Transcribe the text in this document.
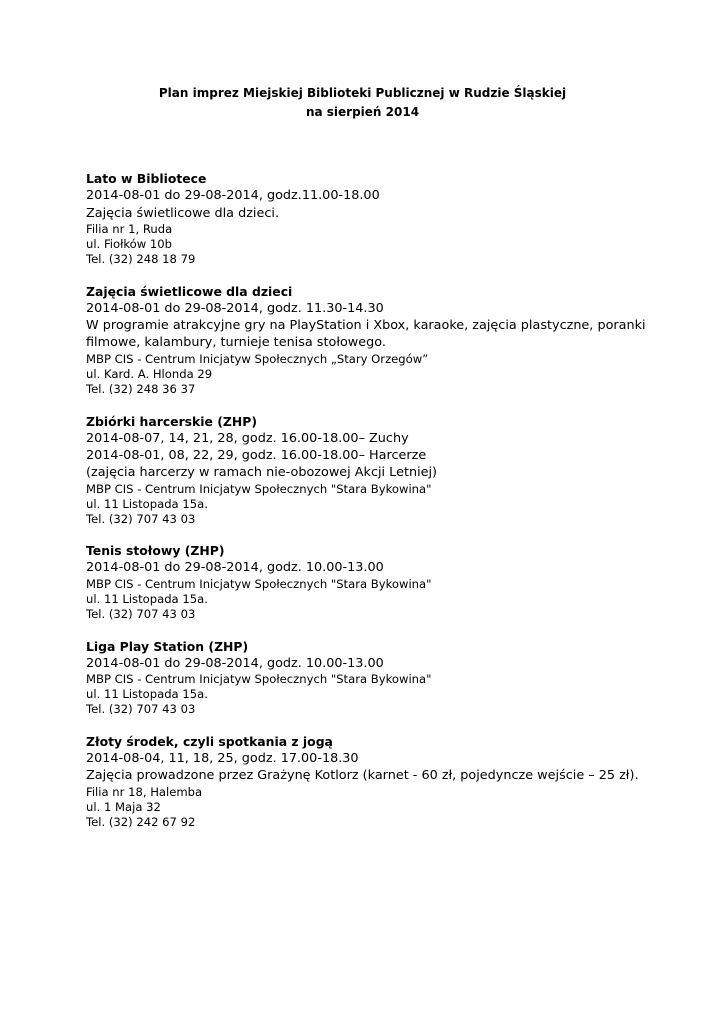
Plan imprez Miejskiej Biblioteki Publicznej w Rudzie Śląskiej
na sierpień 2014
Lato w Bibliotece
2014-08-01 do 29-08-2014, godz.11.00-18.00
Zajęcia świetlicowe dla dzieci.
Filia nr 1, Ruda
ul. Fiołków 10b
Tel. (32) 248 18 79
Zajęcia świetlicowe dla dzieci
2014-08-01 do 29-08-2014, godz. 11.30-14.30
W programie atrakcyjne gry na PlayStation i Xbox, karaoke, zajęcia plastyczne, poranki
filmowe, kalambury, turnieje tenisa stołowego.
MBP CIS - Centrum Inicjatyw Społecznych „Stary Orzegów”
ul. Kard. A. Hlonda 29
Tel. (32) 248 36 37
Zbiórki harcerskie (ZHP)
2014-08-07, 14, 21, 28, godz. 16.00-18.00– Zuchy
2014-08-01, 08, 22, 29, godz. 16.00-18.00– Harcerze
(zajęcia harcerzy w ramach nie-obozowej Akcji Letniej)
MBP CIS - Centrum Inicjatyw Społecznych "Stara Bykowina"
ul. 11 Listopada 15a.
Tel. (32) 707 43 03
Tenis stołowy (ZHP)
2014-08-01 do 29-08-2014, godz. 10.00-13.00
MBP CIS - Centrum Inicjatyw Społecznych "Stara Bykowina"
ul. 11 Listopada 15a.
Tel. (32) 707 43 03
Liga Play Station (ZHP)
2014-08-01 do 29-08-2014, godz. 10.00-13.00
MBP CIS - Centrum Inicjatyw Społecznych "Stara Bykowina"
ul. 11 Listopada 15a.
Tel. (32) 707 43 03
Złoty środek, czyli spotkania z jogą
2014-08-04, 11, 18, 25, godz. 17.00-18.30
Zajęcia prowadzone przez Grażynę Kotlorz (karnet - 60 zł, pojedyncze wejście – 25 zł).
Filia nr 18, Halemba
ul. 1 Maja 32
Tel. (32) 242 67 92
